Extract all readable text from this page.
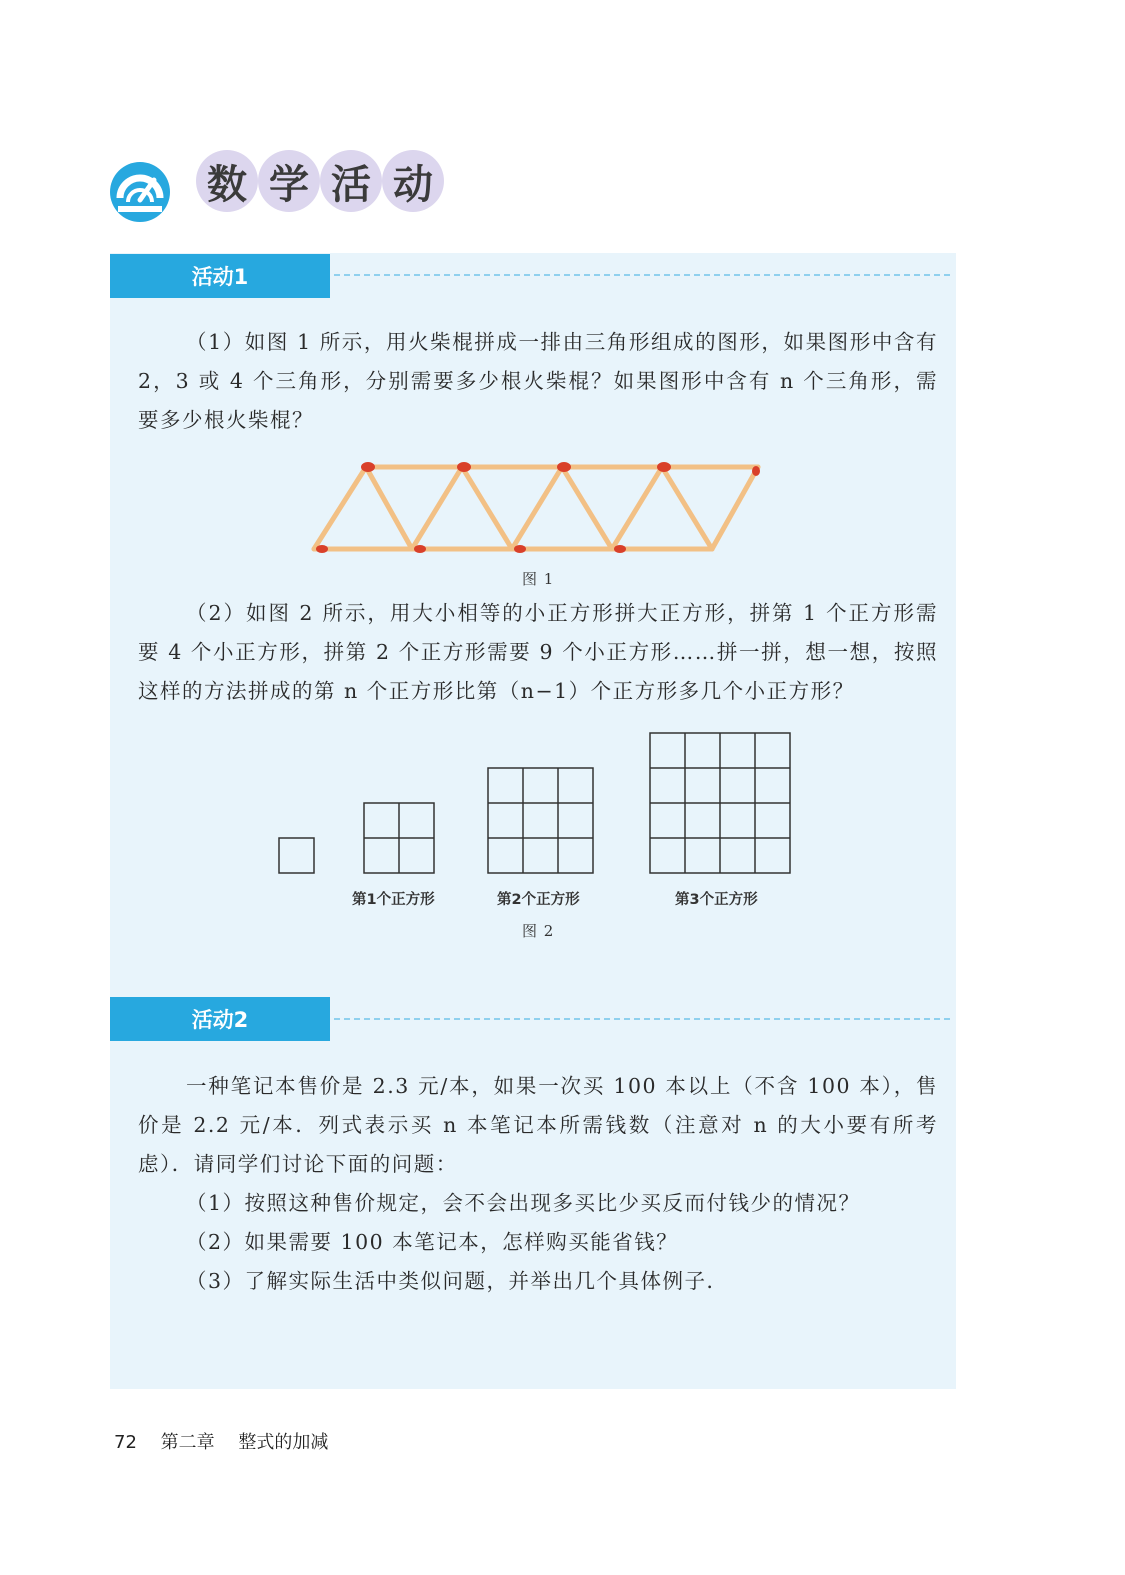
数 学 活 动
活动1

（1）如图 1 所示，用火柴棍拼成一排由三角形组成的图形，如果图形中含有 2，3 或 4 个三角形，分别需要多少根火柴棍？如果图形中含有 n 个三角形，需要多少根火柴棍？

图 1

（2）如图 2 所示，用大小相等的小正方形拼大正方形，拼第 1 个正方形需要 4 个小正方形，拼第 2 个正方形需要 9 个小正方形……拼一拼，想一想，按照这样的方法拼成的第 n 个正方形比第（n−1）个正方形多几个小正方形？

第1个正方形	第2个正方形	第3个正方形
图 2
活动2

一种笔记本售价是 2.3 元/本，如果一次买 100 本以上（不含 100 本），售价是 2.2 元/本．列式表示买 n 本笔记本所需钱数（注意对 n 的大小要有所考虑）．请同学们讨论下面的问题：

（1）按照这种售价规定，会不会出现多买比少买反而付钱少的情况？

（2）如果需要 100 本笔记本，怎样购买能省钱？

（3）了解实际生活中类似问题，并举出几个具体例子．

72 第二章 整式的加减
